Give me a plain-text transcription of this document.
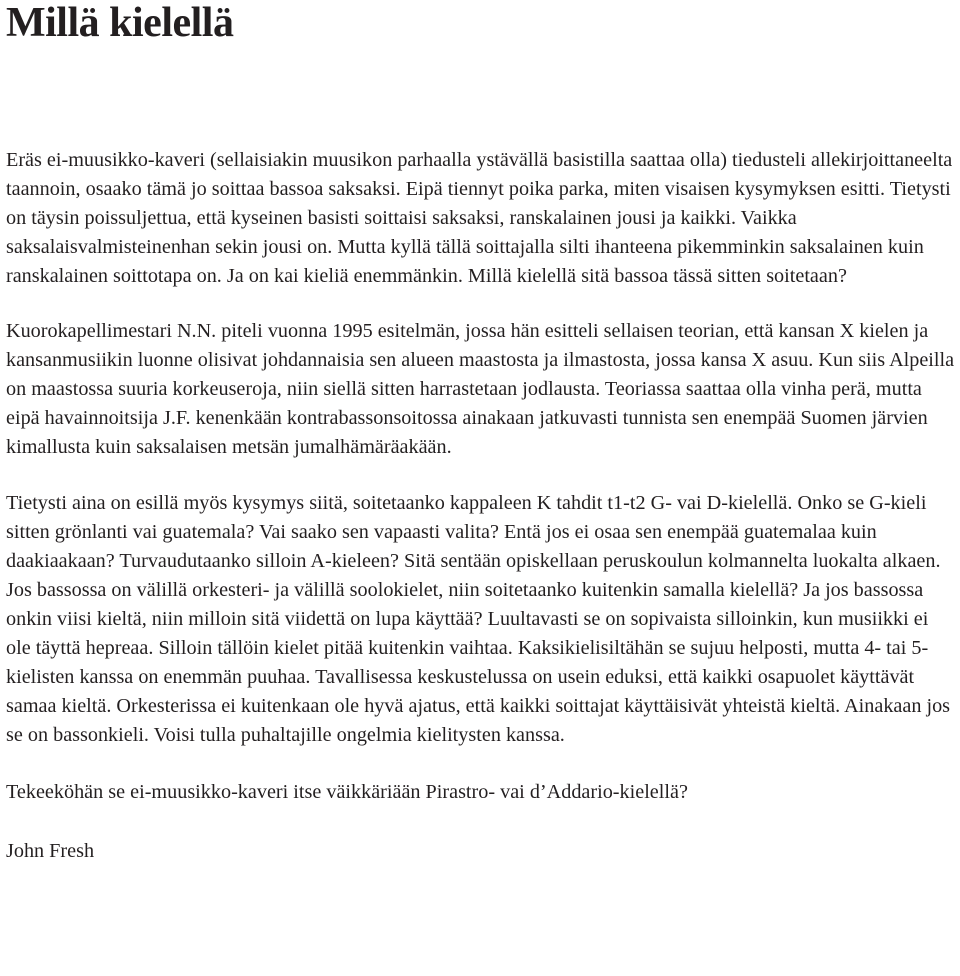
Millä kielellä

Eräs ei-muusikko-kaveri (sellaisiakin muusikon parhaalla ystävällä basistilla saattaa olla) tiedusteli allekirjoittaneelta taannoin, osaako tämä jo soittaa bassoa saksaksi. Eipä tiennyt poika parka, miten visaisen kysymyksen esitti. Tietysti on täysin poissuljettua, että kyseinen basisti soittaisi saksaksi, ranskalainen jousi ja kaikki. Vaikka saksalaisvalmisteinenhan sekin jousi on. Mutta kyllä tällä soittajalla silti ihanteena pikemminkin saksalainen kuin ranskalainen soittotapa on. Ja on kai kieliä enemmänkin. Millä kielellä sitä bassoa tässä sitten soitetaan?

Kuorokapellimestari N.N. piteli vuonna 1995 esitelmän, jossa hän esitteli sellaisen teorian, että kansan X kielen ja kansanmusiikin luonne olisivat johdannaisia sen alueen maastosta ja ilmastosta, jossa kansa X asuu. Kun siis Alpeilla on maastossa suuria korkeuseroja, niin siellä sitten harrastetaan jodlausta. Teoriassa saattaa olla vinha perä, mutta eipä havainnoitsija J.F. kenenkään kontrabassonsoitossa ainakaan jatkuvasti tunnista sen enempää Suomen järvien kimallusta kuin saksalaisen metsän jumalhämäräakään.

Tietysti aina on esillä myös kysymys siitä, soitetaanko kappaleen K tahdit t1-t2 G- vai D-kielellä. Onko se G-kieli sitten grönlanti vai guatemala? Vai saako sen vapaasti valita? Entä jos ei osaa sen enempää guatemalaa kuin daakiaakaan? Turvaudutaanko silloin A-kieleen? Sitä sentään opiskellaan peruskoulun kolmannelta luokalta alkaen. Jos bassossa on välillä orkesteri- ja välillä soolokielet, niin soitetaanko kuitenkin samalla kielellä? Ja jos bassossa onkin viisi kieltä, niin milloin sitä viidettä on lupa käyttää? Luultavasti se on sopivaista silloinkin, kun musiikki ei ole täyttä hepreaa. Silloin tällöin kielet pitää kuitenkin vaihtaa. Kaksikielisiltähän se sujuu helposti, mutta 4- tai 5-kielisten kanssa on enemmän puuhaa. Tavallisessa keskustelussa on usein eduksi, että kaikki osapuolet käyttävät samaa kieltä. Orkesterissa ei kuitenkaan ole hyvä ajatus, että kaikki soittajat käyttäisivät yhteistä kieltä. Ainakaan jos se on bassonkieli. Voisi tulla puhaltajille ongelmia kielitysten kanssa.

Tekeeköhän se ei-muusikko-kaveri itse väikkäriään Pirastro- vai d’Addario-kielellä?

John Fresh
